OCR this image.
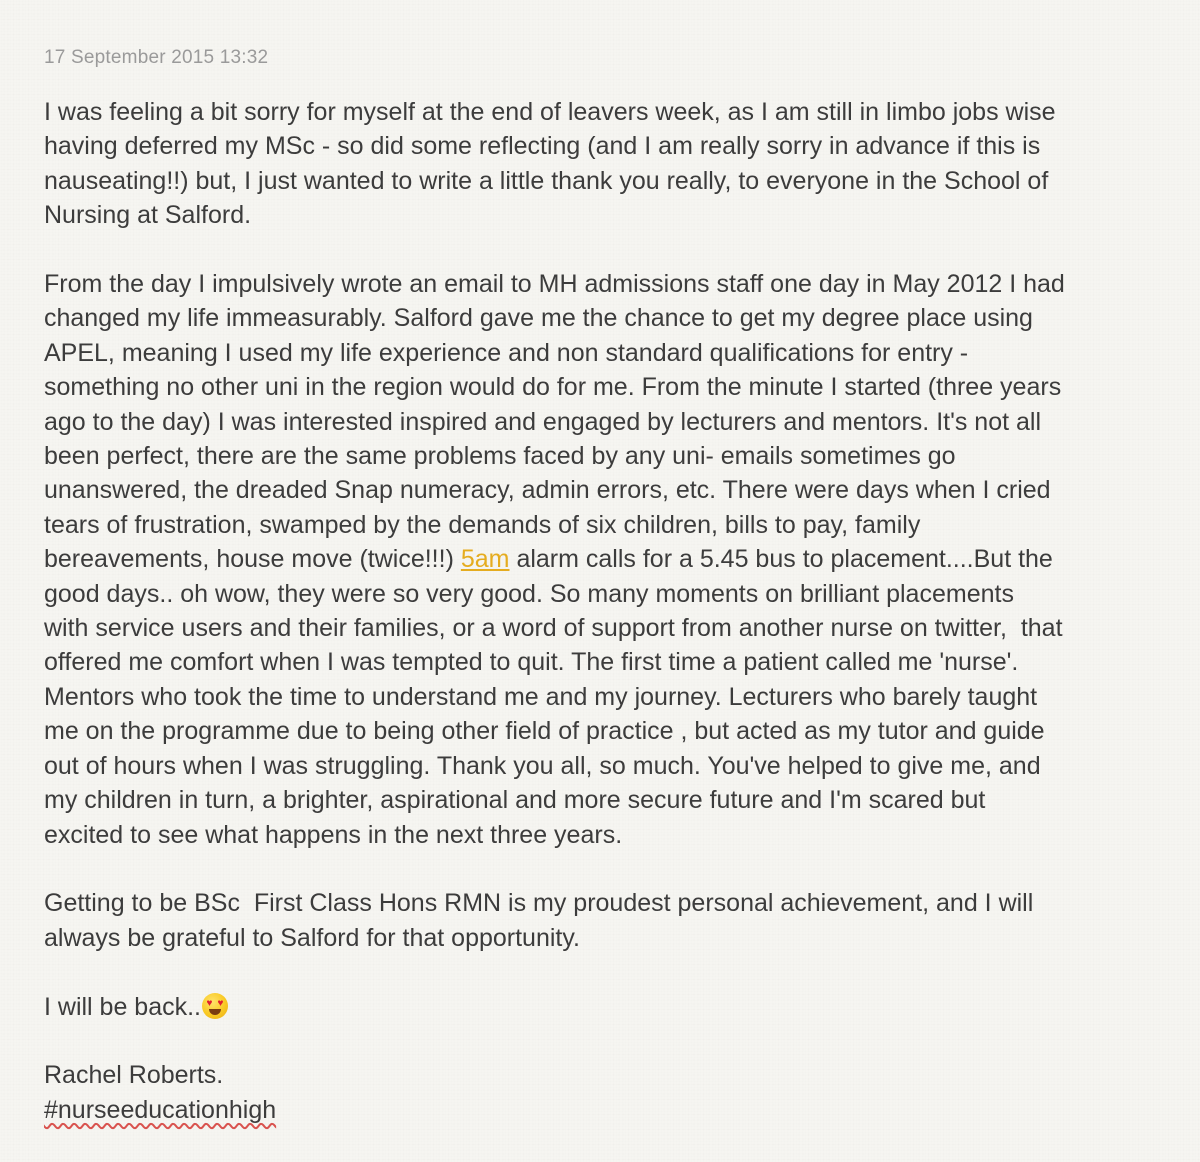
17 September 2015 13:32

I was feeling a bit sorry for myself at the end of leavers week, as I am still in limbo jobs wise
having deferred my MSc - so did some reflecting (and I am really sorry in advance if this is
nauseating!!) but, I just wanted to write a little thank you really, to everyone in the School of
Nursing at Salford.

From the day I impulsively wrote an email to MH admissions staff one day in May 2012 I had
changed my life immeasurably. Salford gave me the chance to get my degree place using
APEL, meaning I used my life experience and non standard qualifications for entry -
something no other uni in the region would do for me. From the minute I started (three years
ago to the day) I was interested inspired and engaged by lecturers and mentors. It's not all
been perfect, there are the same problems faced by any uni- emails sometimes go
unanswered, the dreaded Snap numeracy, admin errors, etc. There were days when I cried
tears of frustration, swamped by the demands of six children, bills to pay, family
bereavements, house move (twice!!!) 5am alarm calls for a 5.45 bus to placement....But the
good days.. oh wow, they were so very good. So many moments on brilliant placements
with service users and their families, or a word of support from another nurse on twitter,  that
offered me comfort when I was tempted to quit. The first time a patient called me 'nurse'.
Mentors who took the time to understand me and my journey. Lecturers who barely taught
me on the programme due to being other field of practice , but acted as my tutor and guide
out of hours when I was struggling. Thank you all, so much. You've helped to give me, and
my children in turn, a brighter, aspirational and more secure future and I'm scared but
excited to see what happens in the next three years.

Getting to be BSc  First Class Hons RMN is my proudest personal achievement, and I will
always be grateful to Salford for that opportunity.

I will be back.. ♥ ♥

Rachel Roberts.
#nurseeducationhigh
